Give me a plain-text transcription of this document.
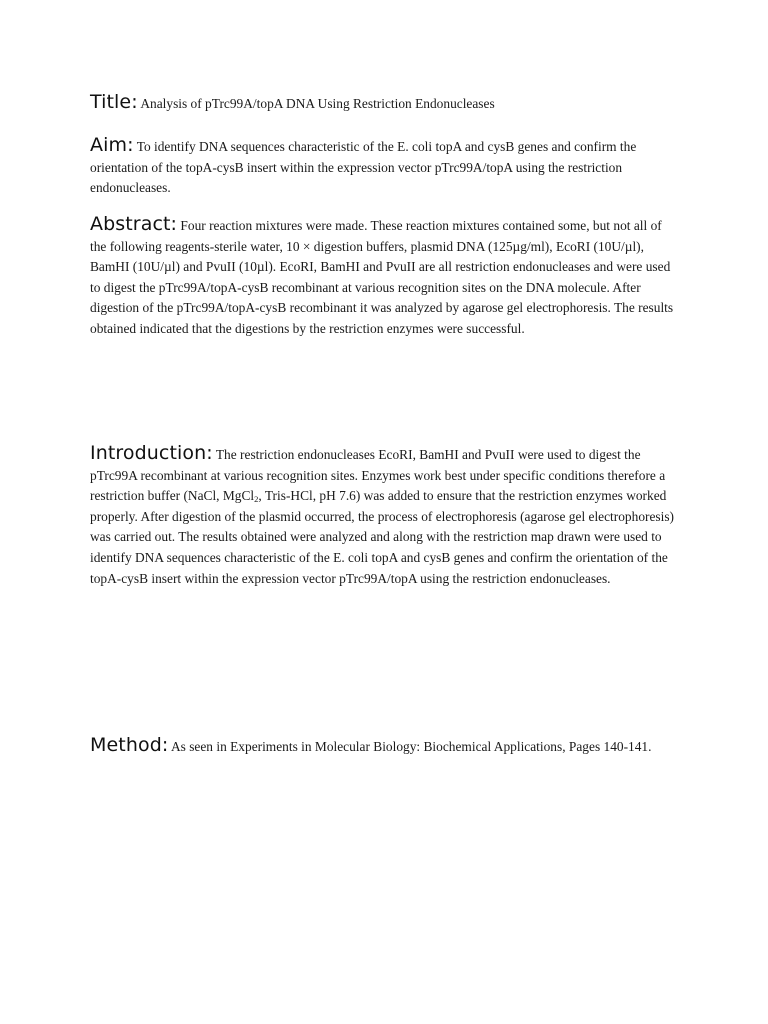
Title: Analysis of pTrc99A/topA DNA Using Restriction Endonucleases
Aim: To identify DNA sequences characteristic of the E. coli topA and cysB genes and confirm the orientation of the topA-cysB insert within the expression vector pTrc99A/topA using the restriction endonucleases.
Abstract: Four reaction mixtures were made. These reaction mixtures contained some, but not all of the following reagents-sterile water, 10 × digestion buffers, plasmid DNA (125µg/ml), EcoRI (10U/µl), BamHI (10U/µl) and PvuII (10µl). EcoRI, BamHI and PvuII are all restriction endonucleases and were used to digest the pTrc99A/topA-cysB recombinant at various recognition sites on the DNA molecule. After digestion of the pTrc99A/topA-cysB recombinant it was analyzed by agarose gel electrophoresis. The results obtained indicated that the digestions by the restriction enzymes were successful.
Introduction: The restriction endonucleases EcoRI, BamHI and PvuII were used to digest the pTrc99A recombinant at various recognition sites. Enzymes work best under specific conditions therefore a restriction buffer (NaCl, MgCl$_2$, Tris-HCl, pH 7.6) was added to ensure that the restriction enzymes worked properly. After digestion of the plasmid occurred, the process of electrophoresis (agarose gel electrophoresis) was carried out. The results obtained were analyzed and along with the restriction map drawn were used to identify DNA sequences characteristic of the E. coli topA and cysB genes and confirm the orientation of the topA-cysB insert within the expression vector pTrc99A/topA using the restriction endonucleases.
Method: As seen in Experiments in Molecular Biology: Biochemical Applications, Pages 140-141.
